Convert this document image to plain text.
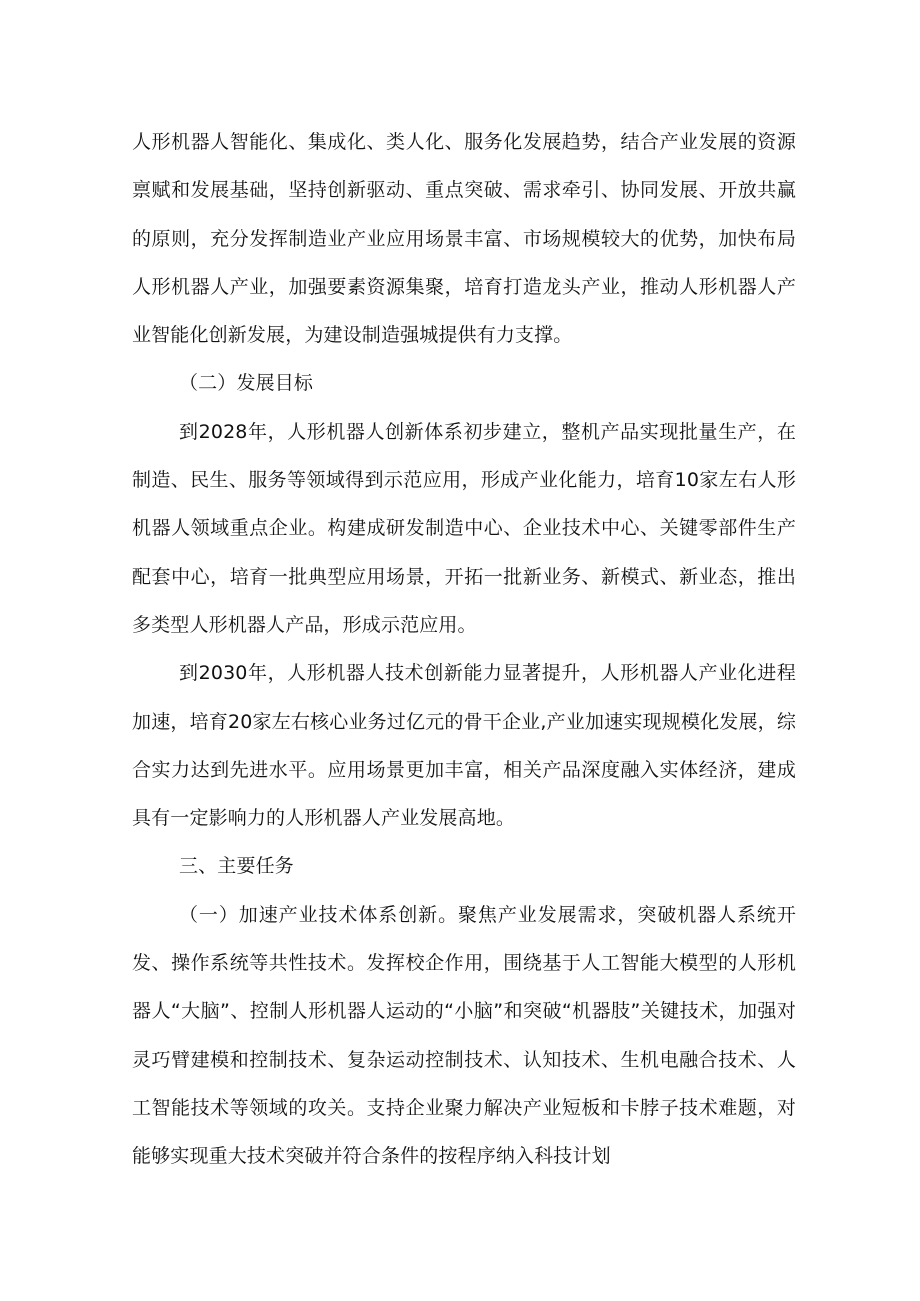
人形机器人智能化、集成化、类人化、服务化发展趋势，结合产业发展的资源禀赋和发展基础，坚持创新驱动、重点突破、需求牵引、协同发展、开放共赢的原则，充分发挥制造业产业应用场景丰富、市场规模较大的优势，加快布局人形机器人产业，加强要素资源集聚，培育打造龙头产业，推动人形机器人产业智能化创新发展，为建设制造强城提供有力支撑。

（二）发展目标

到2028年，人形机器人创新体系初步建立，整机产品实现批量生产，在制造、民生、服务等领域得到示范应用，形成产业化能力，培育10家左右人形机器人领域重点企业。构建成研发制造中心、企业技术中心、关键零部件生产配套中心，培育一批典型应用场景，开拓一批新业务、新模式、新业态，推出多类型人形机器人产品，形成示范应用。

到2030年，人形机器人技术创新能力显著提升，人形机器人产业化进程加速，培育20家左右核心业务过亿元的骨干企业,产业加速实现规模化发展，综合实力达到先进水平。应用场景更加丰富，相关产品深度融入实体经济，建成具有一定影响力的人形机器人产业发展高地。

三、主要任务

（一）加速产业技术体系创新。聚焦产业发展需求，突破机器人系统开发、操作系统等共性技术。发挥校企作用，围绕基于人工智能大模型的人形机器人“大脑”、控制人形机器人运动的“小脑”和突破“机器肢”关键技术，加强对灵巧臂建模和控制技术、复杂运动控制技术、认知技术、生机电融合技术、人工智能技术等领域的攻关。支持企业聚力解决产业短板和卡脖子技术难题，对能够实现重大技术突破并符合条件的按程序纳入科技计划
